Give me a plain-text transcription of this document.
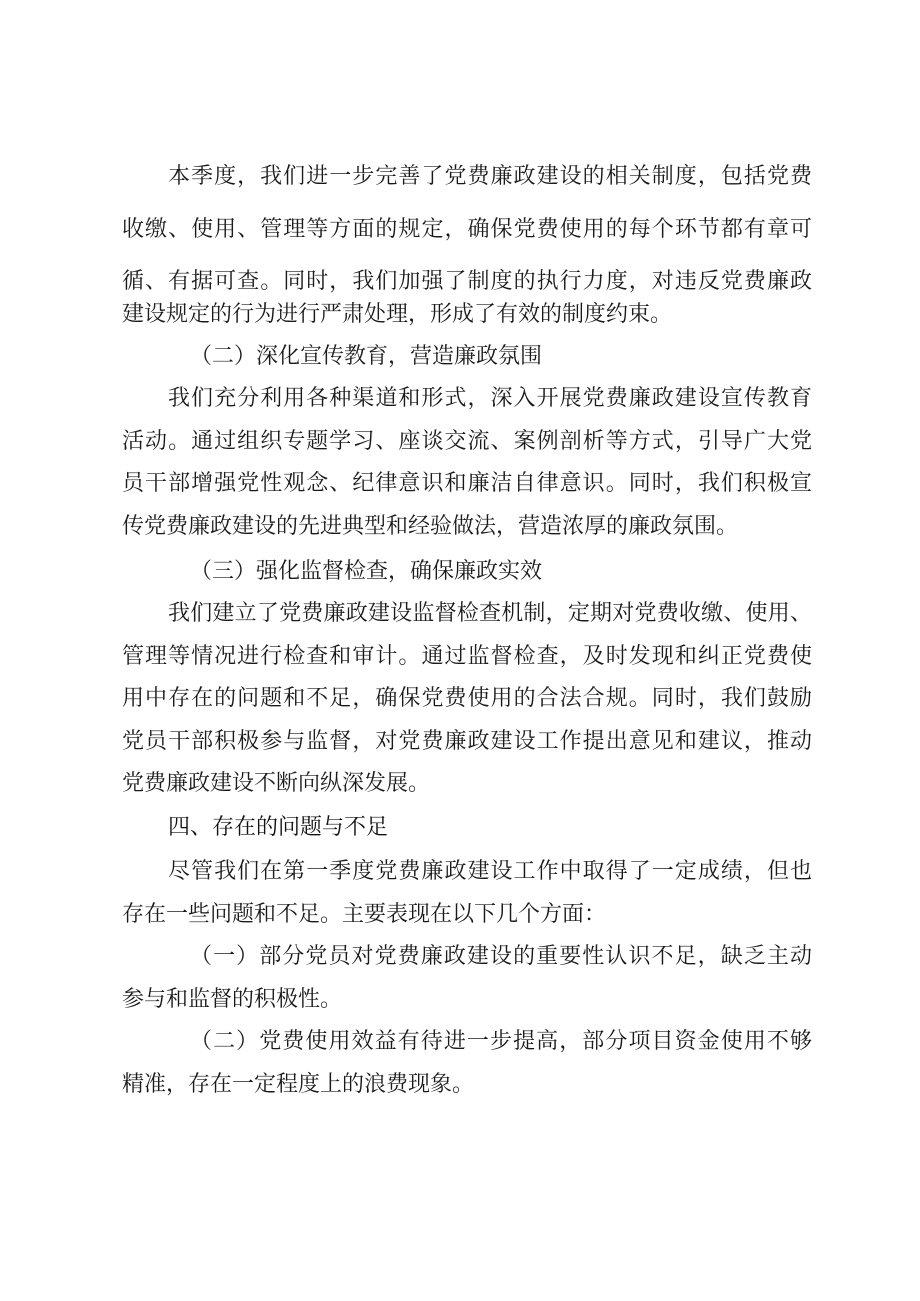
本季度，我们进一步完善了党费廉政建设的相关制度，包括党费
收缴、使用、管理等方面的规定，确保党费使用的每个环节都有章可
循、有据可查。同时，我们加强了制度的执行力度，对违反党费廉政
建设规定的行为进行严肃处理，形成了有效的制度约束。
（二）深化宣传教育，营造廉政氛围
我们充分利用各种渠道和形式，深入开展党费廉政建设宣传教育
活动。通过组织专题学习、座谈交流、案例剖析等方式，引导广大党
员干部增强党性观念、纪律意识和廉洁自律意识。同时，我们积极宣
传党费廉政建设的先进典型和经验做法，营造浓厚的廉政氛围。
（三）强化监督检查，确保廉政实效
我们建立了党费廉政建设监督检查机制，定期对党费收缴、使用、
管理等情况进行检查和审计。通过监督检查，及时发现和纠正党费使
用中存在的问题和不足，确保党费使用的合法合规。同时，我们鼓励
党员干部积极参与监督，对党费廉政建设工作提出意见和建议，推动
党费廉政建设不断向纵深发展。
四、存在的问题与不足
尽管我们在第一季度党费廉政建设工作中取得了一定成绩，但也
存在一些问题和不足。主要表现在以下几个方面：
（一）部分党员对党费廉政建设的重要性认识不足，缺乏主动
参与和监督的积极性。
（二）党费使用效益有待进一步提高，部分项目资金使用不够
精准，存在一定程度上的浪费现象。
